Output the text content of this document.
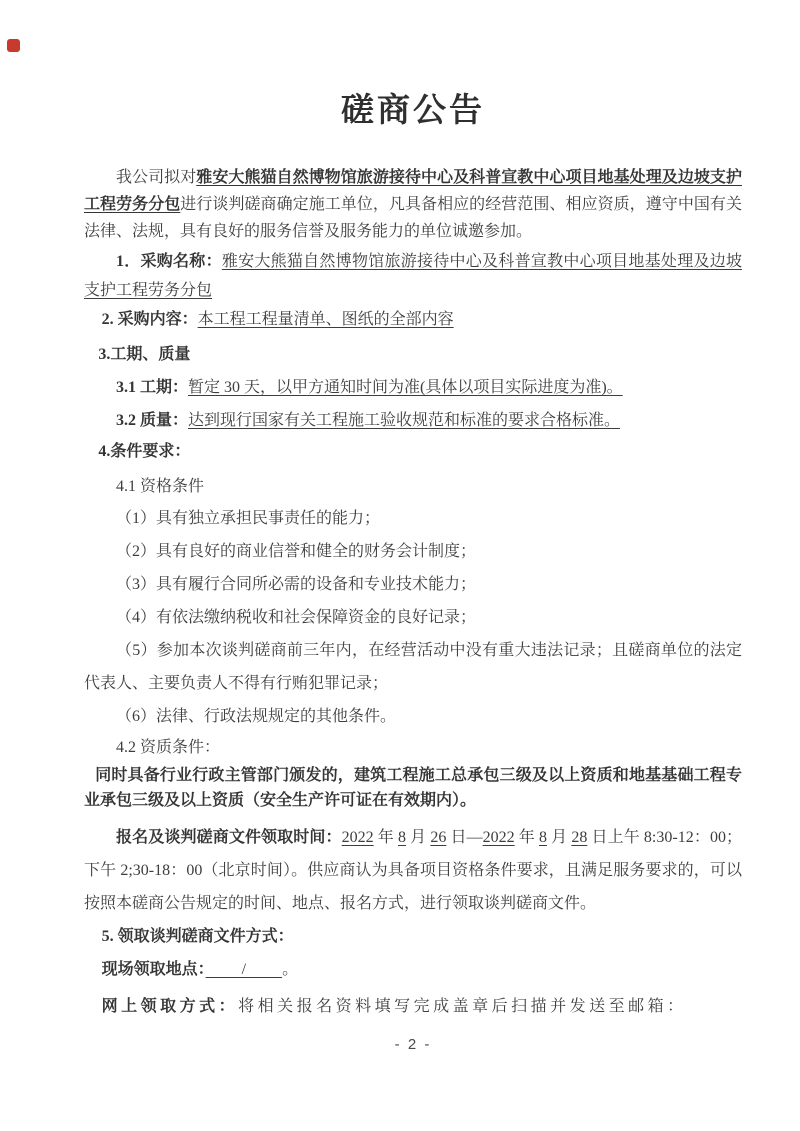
磋商公告

我公司拟对雅安大熊猫自然博物馆旅游接待中心及科普宣教中心项目地基处理及边坡支护工程劳务分包进行谈判磋商确定施工单位，凡具备相应的经营范围、相应资质，遵守中国有关法律、法规，具有良好的服务信誉及服务能力的单位诚邀参加。

1．采购名称：雅安大熊猫自然博物馆旅游接待中心及科普宣教中心项目地基处理及边坡支护工程劳务分包

2. 采购内容：本工程工程量清单、图纸的全部内容

3.工期、质量

3.1 工期：暂定 30 天，以甲方通知时间为准(具体以项目实际进度为准)。

3.2 质量：达到现行国家有关工程施工验收规范和标准的要求合格标准。

4.条件要求：

4.1 资格条件

（1）具有独立承担民事责任的能力；

（2）具有良好的商业信誉和健全的财务会计制度；

（3）具有履行合同所必需的设备和专业技术能力；

（4）有依法缴纳税收和社会保障资金的良好记录；

（5）参加本次谈判磋商前三年内，在经营活动中没有重大违法记录；且磋商单位的法定代表人、主要负责人不得有行贿犯罪记录；

（6）法律、行政法规规定的其他条件。

4.2 资质条件：

同时具备行业行政主管部门颁发的，建筑工程施工总承包三级及以上资质和地基基础工程专业承包三级及以上资质（安全生产许可证在有效期内）。

报名及谈判磋商文件领取时间：2022 年 8 月 26 日—2022 年 8 月 28 日上午 8:30-12：00；下午 2;30-18：00（北京时间）。供应商认为具备项目资格条件要求，且满足服务要求的，可以按照本磋商公告规定的时间、地点、报名方式，进行领取谈判磋商文件。

5. 领取谈判磋商文件方式：

现场领取地点：　　 / 　　。

网上领取方式：将相关报名资料填写完成盖章后扫描并发送至邮箱：

- 2 -
